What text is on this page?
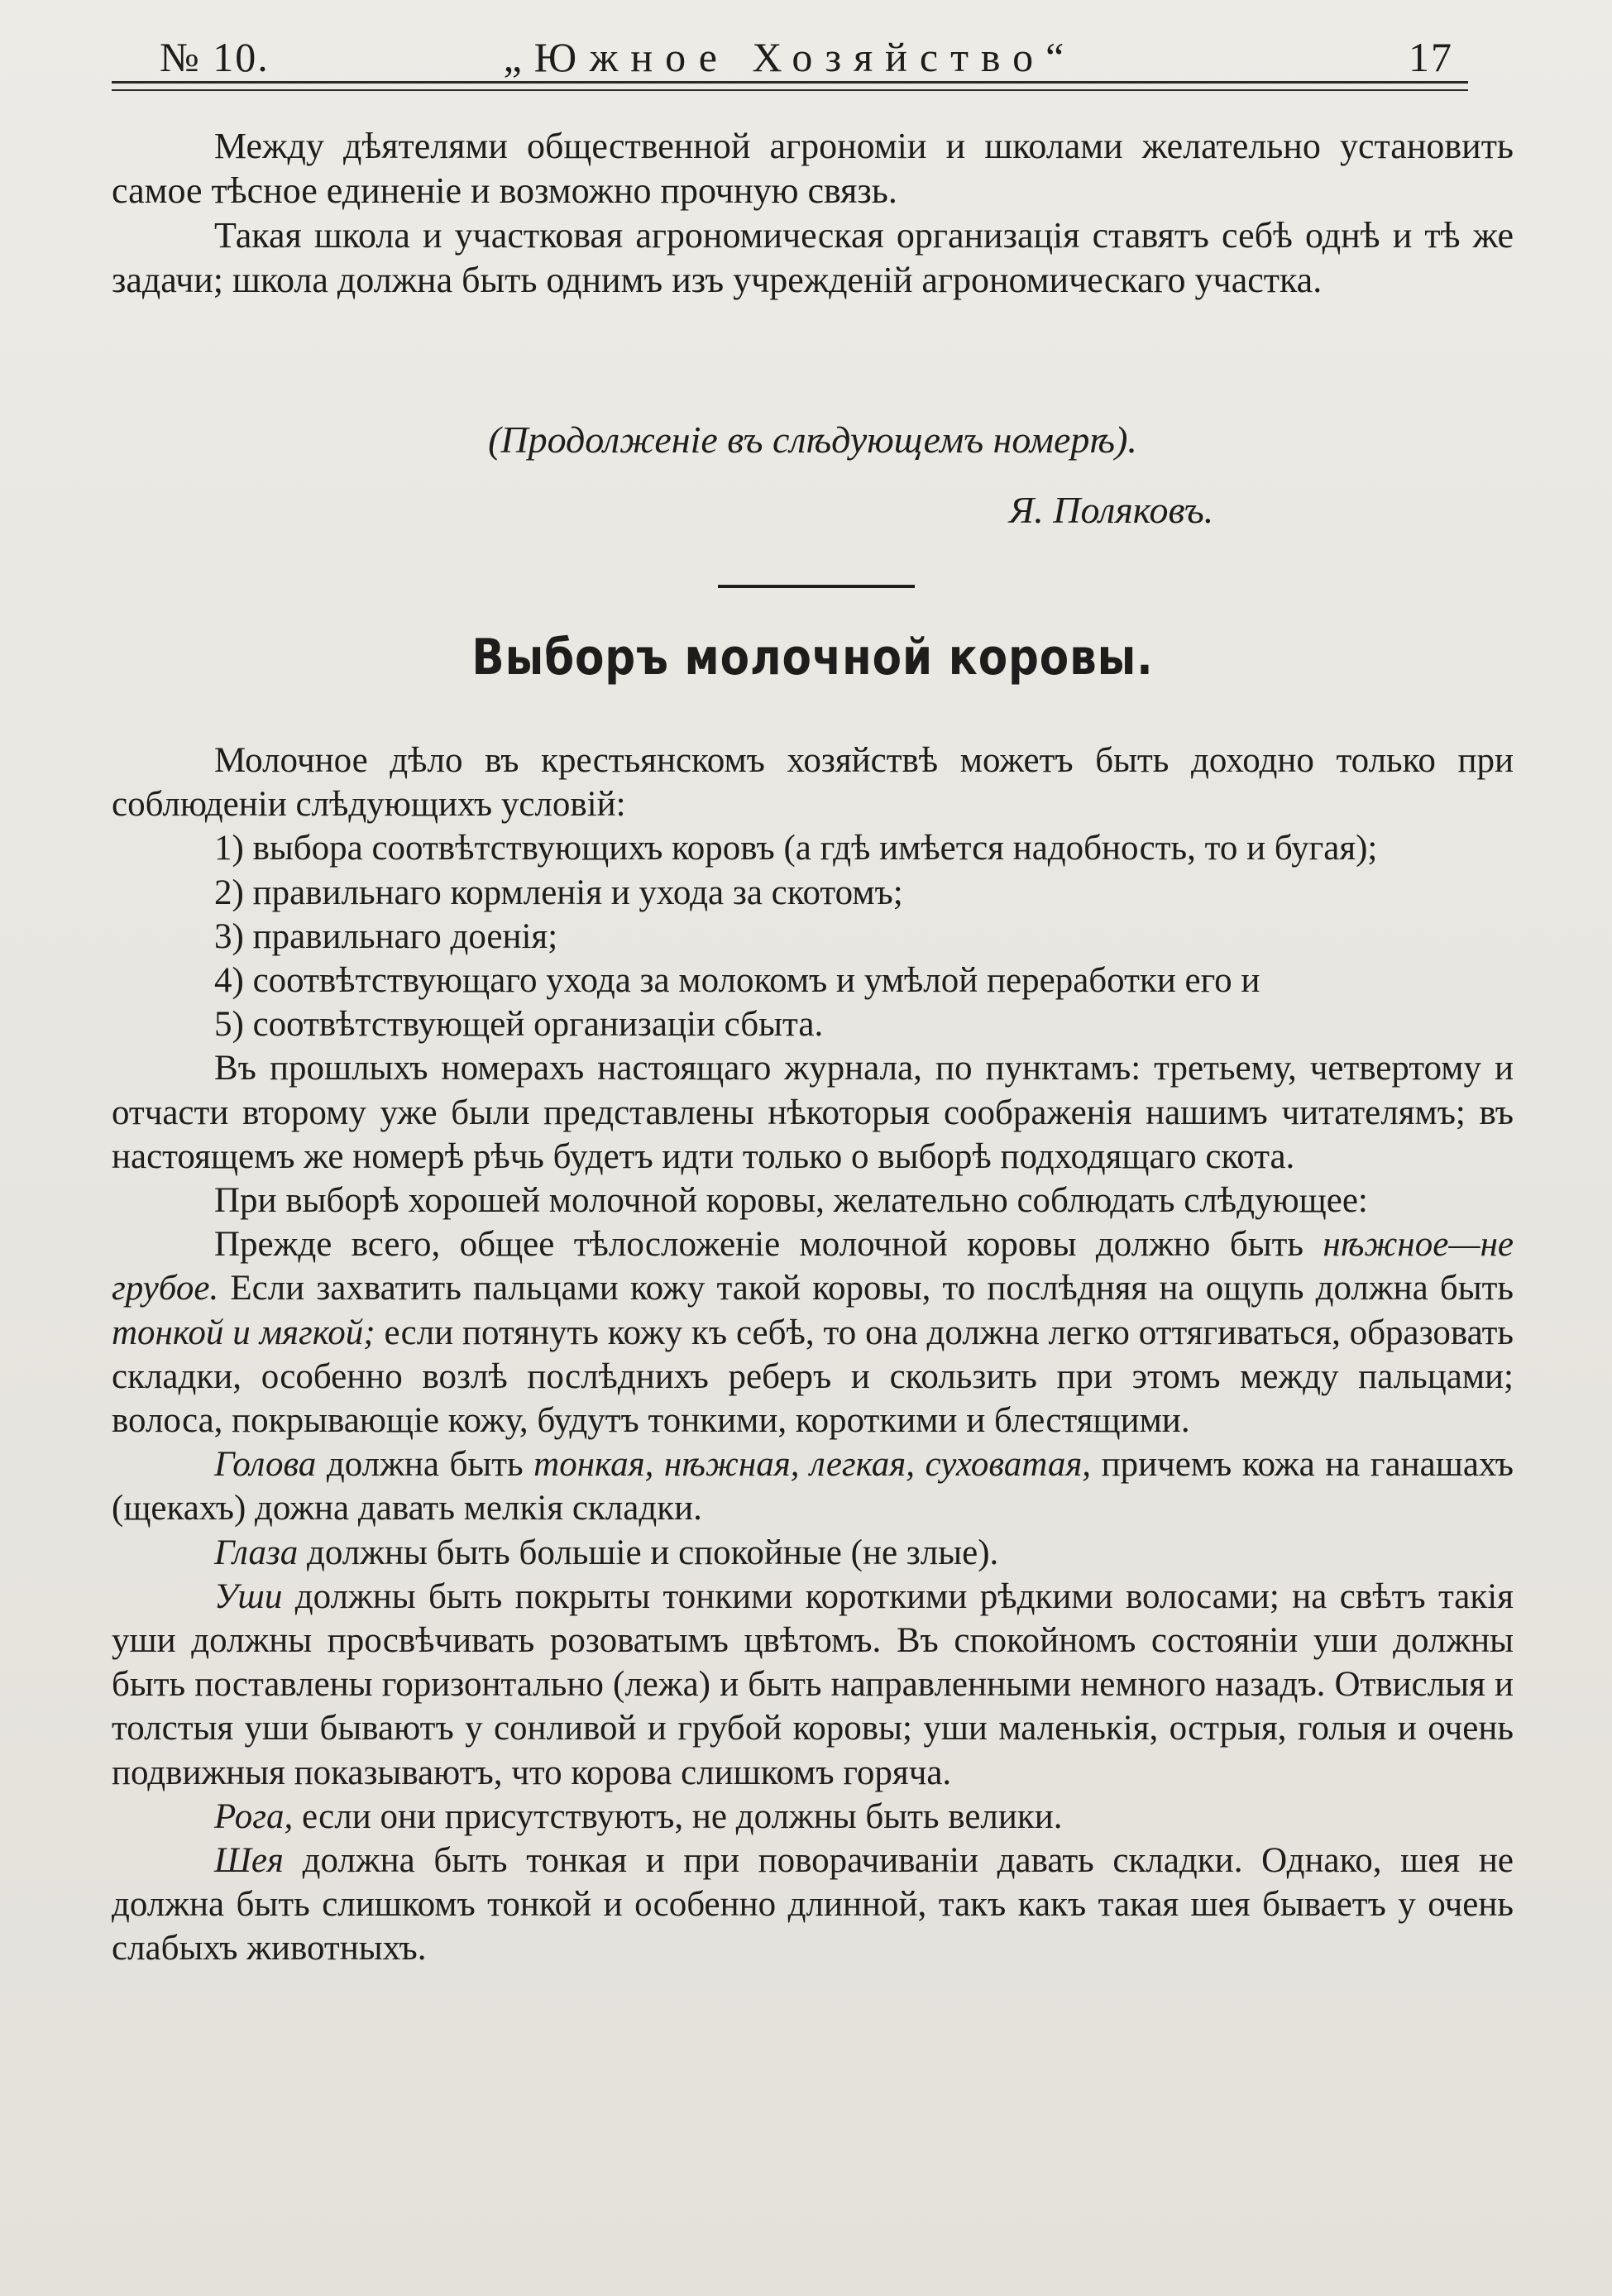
№ 10.	„Южное Хозяйство“	17

Между дѣятелями общественной агрономіи и школами желательно установить самое тѣсное единеніе и возможно прочную связь.

Такая школа и участковая агрономическая организація ставятъ себѣ однѣ и тѣ же задачи; школа должна быть однимъ изъ учрежденій агрономическаго участка.

(Продолженіе въ слѣдующемъ номерѣ).
Я. Поляковъ.
Выборъ молочной коровы.

Молочное дѣло въ крестьянскомъ хозяйствѣ можетъ быть доходно только при соблюденіи слѣдующихъ условій:

1) выбора соотвѣтствующихъ коровъ (а гдѣ имѣется надобность, то и бугая);

2) правильнаго кормленія и ухода за скотомъ;

3) правильнаго доенія;

4) соотвѣтствующаго ухода за молокомъ и умѣлой переработки его и

5) соотвѣтствующей организаціи сбыта.

Въ прошлыхъ номерахъ настоящаго журнала, по пунктамъ: третьему, четвертому и отчасти второму уже были представлены нѣкоторыя соображенія нашимъ читателямъ; въ настоящемъ же номерѣ рѣчь будетъ идти только о выборѣ подходящаго скота.

При выборѣ хорошей молочной коровы, желательно соблюдать слѣдующее:

Прежде всего, общее тѣлосложеніе молочной коровы должно быть нѣжное—не грубое. Если захватить пальцами кожу такой коровы, то послѣдняя на ощупь должна быть тонкой и мягкой; если потянуть кожу къ себѣ, то она должна легко оттягиваться, образовать складки, особенно возлѣ послѣднихъ реберъ и скользить при этомъ между пальцами; волоса, покрывающіе кожу, будутъ тонкими, короткими и блестящими.

Голова должна быть тонкая, нѣжная, легкая, суховатая, причемъ кожа на ганашахъ (щекахъ) дожна давать мелкія складки.

Глаза должны быть большіе и спокойные (не злые).

Уши должны быть покрыты тонкими короткими рѣдкими волосами; на свѣтъ такія уши должны просвѣчивать розоватымъ цвѣтомъ. Въ спокойномъ состояніи уши должны быть поставлены горизонтально (лежа) и быть направленными немного назадъ. Отвислыя и толстыя уши бываютъ у сонливой и грубой коровы; уши маленькія, острыя, голыя и очень подвижныя показываютъ, что корова слишкомъ горяча.

Рога, если они присутствуютъ, не должны быть велики.

Шея должна быть тонкая и при поворачиваніи давать складки. Однако, шея не должна быть слишкомъ тонкой и особенно длинной, такъ какъ такая шея бываетъ у очень слабыхъ животныхъ.
